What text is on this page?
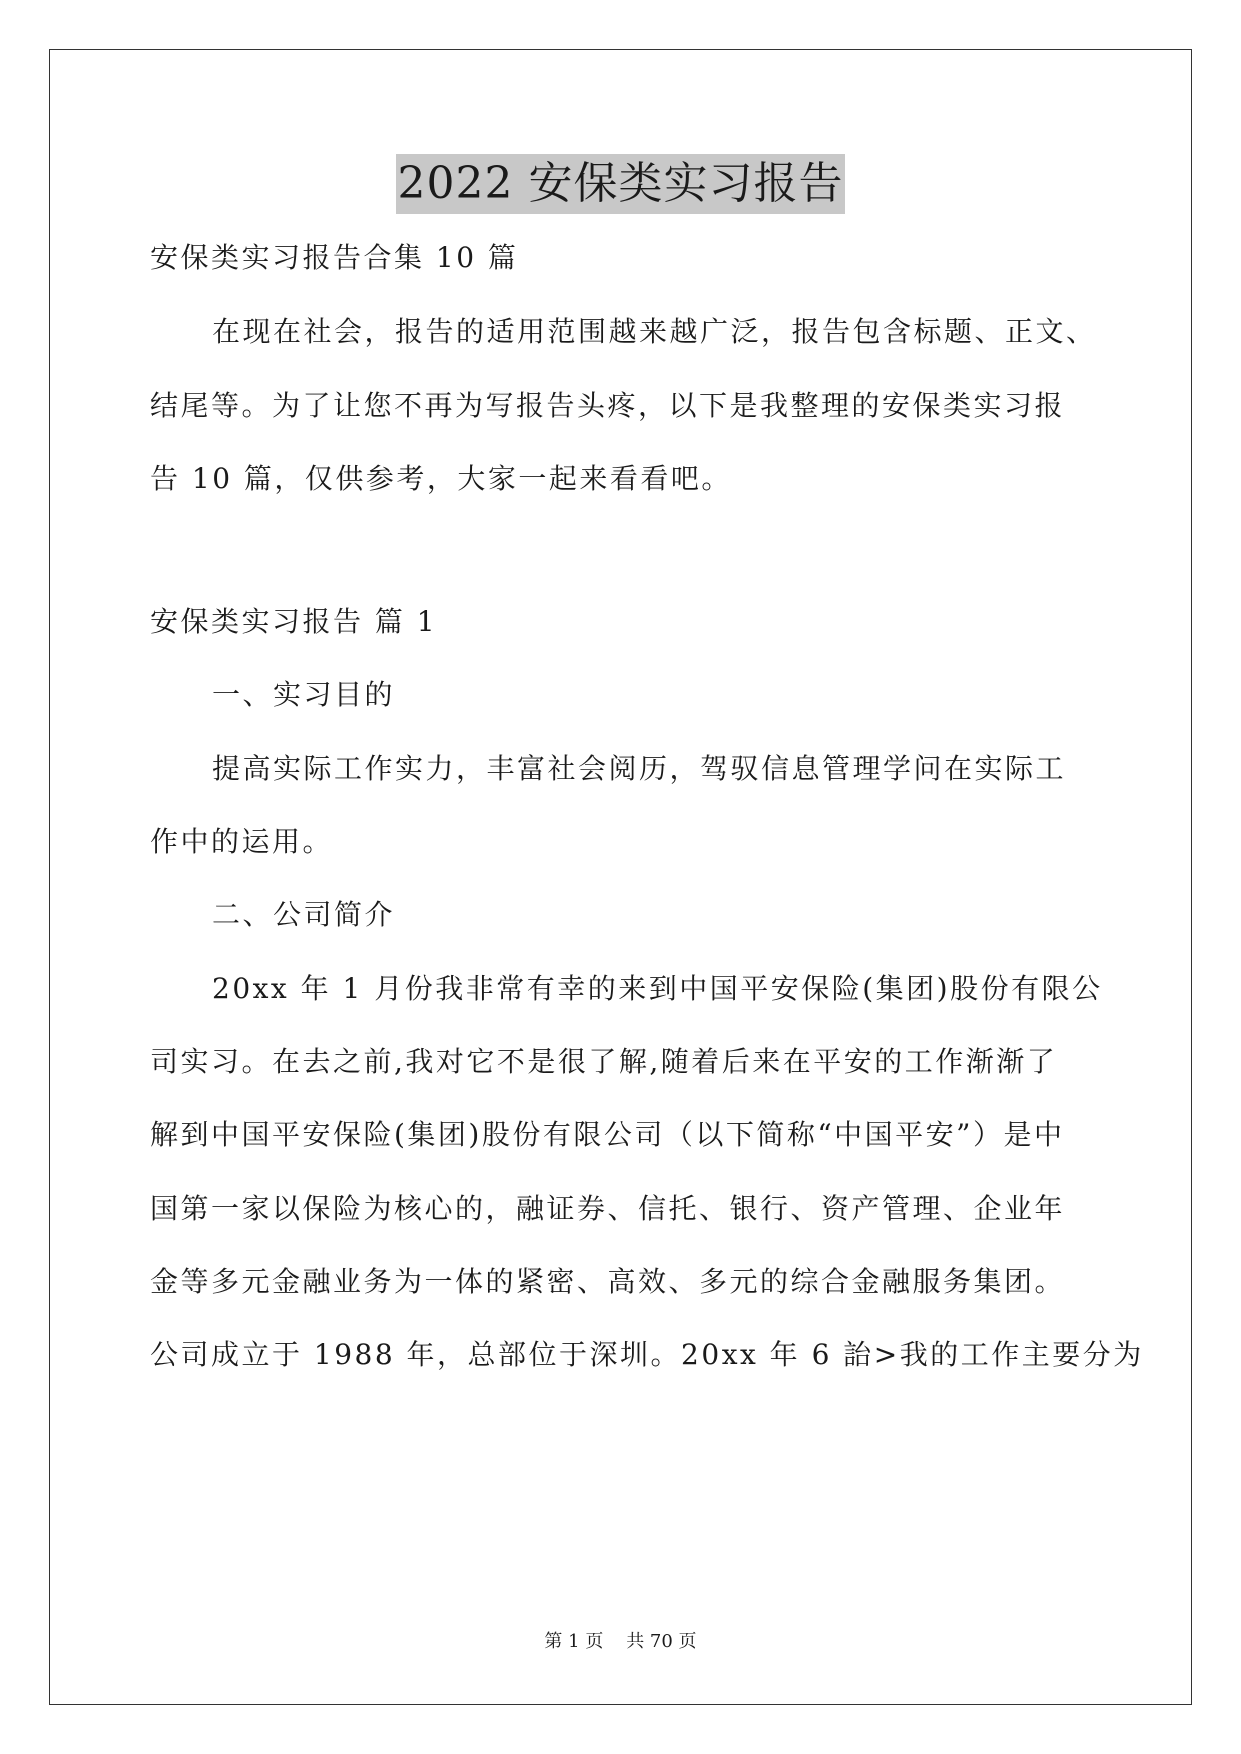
2022 安保类实习报告
安保类实习报告合集 10 篇
在现在社会，报告的适用范围越来越广泛，报告包含标题、正文、
结尾等。为了让您不再为写报告头疼，以下是我整理的安保类实习报
告 10 篇，仅供参考，大家一起来看看吧。
安保类实习报告 篇 1
一、实习目的
提高实际工作实力，丰富社会阅历，驾驭信息管理学问在实际工
作中的运用。
二、公司简介
20xx 年 1 月份我非常有幸的来到中国平安保险(集团)股份有限公
司实习。在去之前,我对它不是很了解,随着后来在平安的工作渐渐了
解到中国平安保险(集团)股份有限公司（以下简称“中国平安”）是中
国第一家以保险为核心的，融证券、信托、银行、资产管理、企业年
金等多元金融业务为一体的紧密、高效、多元的综合金融服务集团。
公司成立于 1988 年，总部位于深圳。20xx 年 6 詒>我的工作主要分为
第 1 页    共 70 页
